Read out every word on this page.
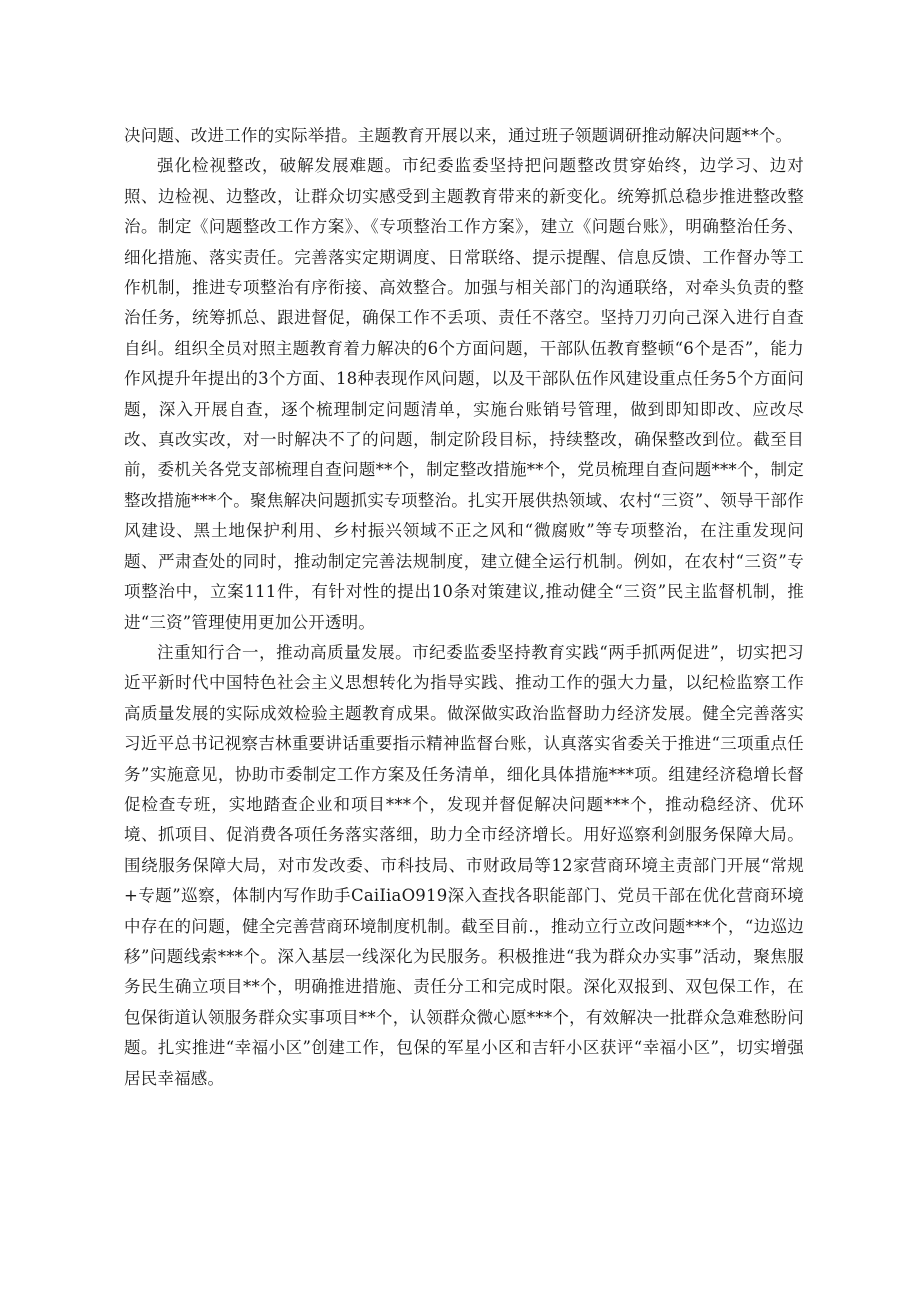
决问题、改进工作的实际举措。主题教育开展以来，通过班子领题调研推动解决问题**个。

强化检视整改，破解发展难题。市纪委监委坚持把问题整改贯穿始终，边学习、边对照、边检视、边整改，让群众切实感受到主题教育带来的新变化。统筹抓总稳步推进整改整治。制定《问题整改工作方案》、《专项整治工作方案》，建立《问题台账》，明确整治任务、细化措施、落实责任。完善落实定期调度、日常联络、提示提醒、信息反馈、工作督办等工作机制，推进专项整治有序衔接、高效整合。加强与相关部门的沟通联络，对牵头负责的整治任务，统筹抓总、跟进督促，确保工作不丢项、责任不落空。坚持刀刃向己深入进行自查自纠。组织全员对照主题教育着力解决的6个方面问题，干部队伍教育整顿“6个是否”，能力作风提升年提出的3个方面、18种表现作风问题，以及干部队伍作风建设重点任务5个方面问题，深入开展自查，逐个梳理制定问题清单，实施台账销号管理，做到即知即改、应改尽改、真改实改，对一时解决不了的问题，制定阶段目标，持续整改，确保整改到位。截至目前，委机关各党支部梳理自查问题**个，制定整改措施**个，党员梳理自查问题***个，制定整改措施***个。聚焦解决问题抓实专项整治。扎实开展供热领域、农村“三资”、领导干部作风建设、黑土地保护利用、乡村振兴领域不正之风和“微腐败”等专项整治，在注重发现问题、严肃查处的同时，推动制定完善法规制度，建立健全运行机制。例如，在农村“三资”专项整治中，立案111件，有针对性的提出10条对策建议,推动健全“三资”民主监督机制，推进“三资”管理使用更加公开透明。

注重知行合一，推动高质量发展。市纪委监委坚持教育实践“两手抓两促进”，切实把习近平新时代中国特色社会主义思想转化为指导实践、推动工作的强大力量，以纪检监察工作高质量发展的实际成效检验主题教育成果。做深做实政治监督助力经济发展。健全完善落实习近平总书记视察吉林重要讲话重要指示精神监督台账，认真落实省委关于推进“三项重点任务”实施意见，协助市委制定工作方案及任务清单，细化具体措施***项。组建经济稳增长督促检查专班，实地踏查企业和项目***个，发现并督促解决问题***个，推动稳经济、优环境、抓项目、促消费各项任务落实落细，助力全市经济增长。用好巡察利剑服务保障大局。围绕服务保障大局，对市发改委、市科技局、市财政局等12家营商环境主责部门开展“常规+专题”巡察，体制内写作助手CaiIiaO919深入查找各职能部门、党员干部在优化营商环境中存在的问题，健全完善营商环境制度机制。截至目前.，推动立行立改问题***个，“边巡边移”问题线索***个。深入基层一线深化为民服务。积极推进“我为群众办实事”活动，聚焦服务民生确立项目**个，明确推进措施、责任分工和完成时限。深化双报到、双包保工作，在包保街道认领服务群众实事项目**个，认领群众微心愿***个，有效解决一批群众急难愁盼问题。扎实推进“幸福小区”创建工作，包保的军星小区和吉轩小区获评“幸福小区”，切实增强居民幸福感。
